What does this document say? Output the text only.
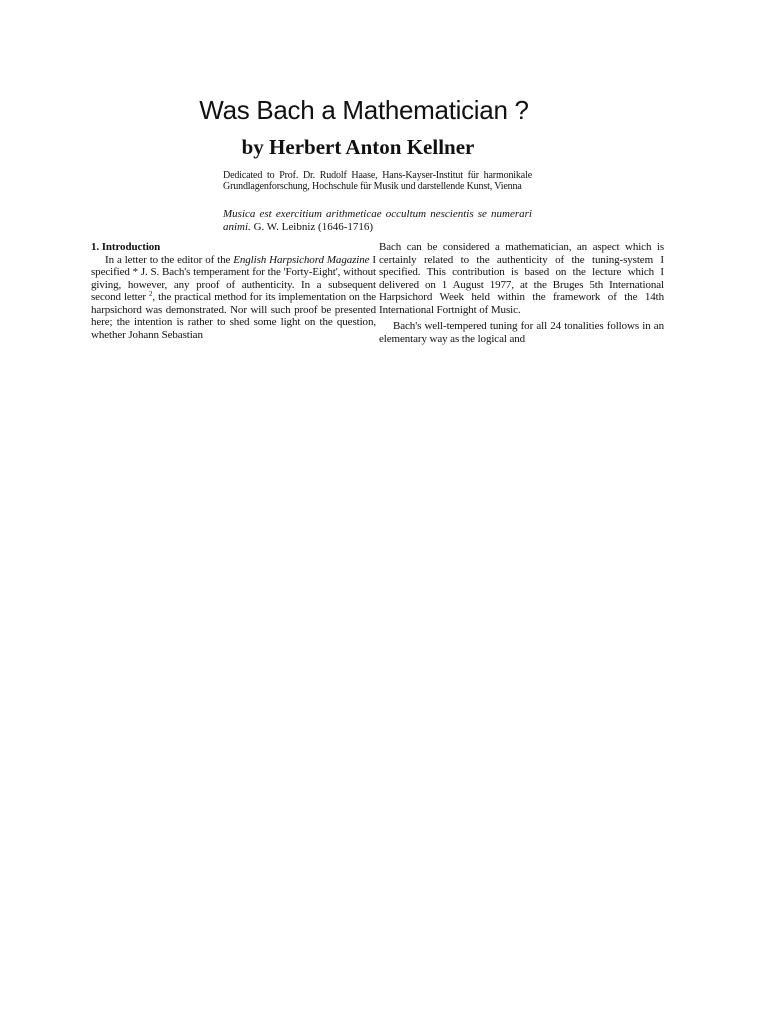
Was Bach a Mathematician ?
by Herbert Anton Kellner
Dedicated to Prof. Dr. Rudolf Haase, Hans-Kayser-Institut für harmonikale Grundlagenforschung, Hochschule für Musik und darstellende Kunst, Vienna
Musica est exercitium arithmeticae occultum nescientis se numerari animi. G. W. Leibniz (1646-1716)

1. Introduction

In a letter to the editor of the English Harpsichord Magazine I specified * J. S. Bach's temperament for the 'Forty-Eight', without giving, however, any proof of authenticity. In a subsequent second letter $^2$, the practical method for its implementation on the harpsichord was demonstrated. Nor will such proof be presented here; the intention is rather to shed some light on the question, whether Johann Sebastian

Bach can be considered a mathematician, an aspect which is certainly related to the authenticity of the tuning-system I specified. This contribution is based on the lecture which I delivered on 1 August 1977, at the Bruges 5th International Harpsichord Week held within the framework of the 14th International Fortnight of Music.

Bach's well-tempered tuning for all 24 tonalities follows in an elementary way as the logical and
